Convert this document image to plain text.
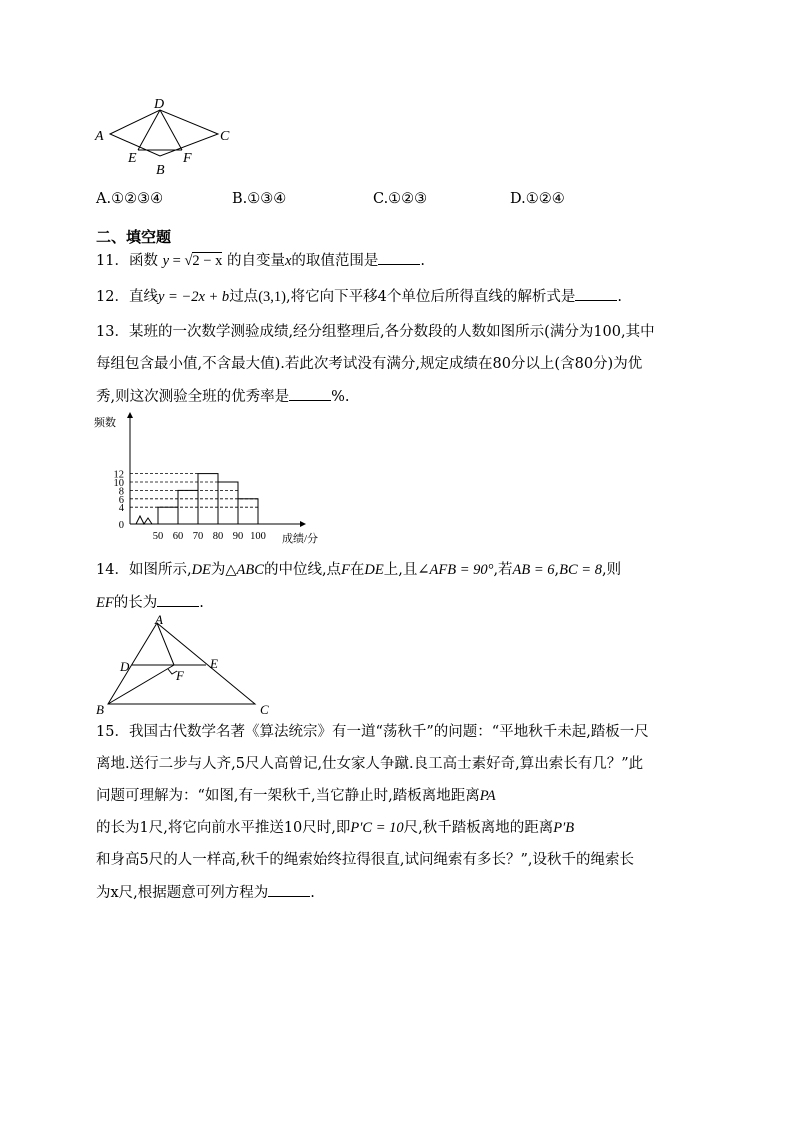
D
A	C
E	F
B
A.①②③④	B.①③④	C.①②③	D.①②④
二、填空题
11．函数 y = √2 − x 的自变量x的取值范围是	.
12．直线y = −2x + b过点(3,1),将它向下平移4个单位后所得直线的解析式是	.
13．某班的一次数学测验成绩,经分组整理后,各分数段的人数如图所示(满分为100,其中
每组包含最小值,不含最大值).若此次考试没有满分,规定成绩在80分以上(含80分)为优
秀,则这次测验全班的优秀率是	%.
0
4
6
8
10
12
50 60 70 80 90 100
频数
成绩/分
14．如图所示,DE为△ABC的中位线,点F在DE上,且∠AFB = 90°,若AB = 6,BC = 8,则
EF的长为	.
A
D	E
F
B	C
15．我国古代数学名著《算法统宗》有一道“荡秋千”的问题：“平地秋千未起,踏板一尺
离地.送行二步与人齐,5尺人高曾记,仕女家人争蹴.良工高士素好奇,算出索长有几？”此
问题可理解为：“如图,有一架秋千,当它静止时,踏板离地距离PA
的长为1尺,将它向前水平推送10尺时,即P′C = 10尺,秋千踏板离地的距离P′B
和身高5尺的人一样高,秋千的绳索始终拉得很直,试问绳索有多长？”,设秋千的绳索长
为x尺,根据题意可列方程为	.
